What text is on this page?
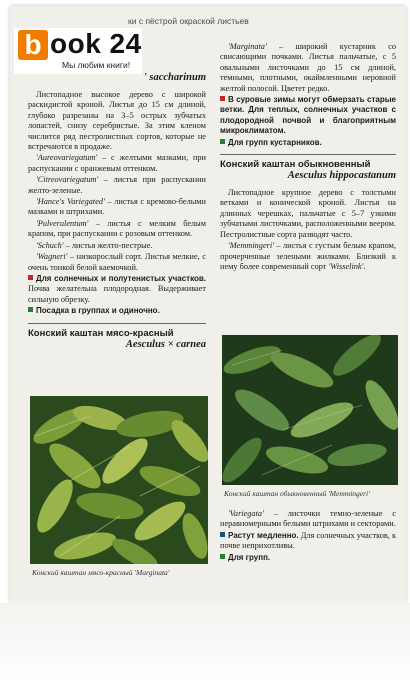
ки с пёстрой окраской листьев
' saccharinum

Листопадное высокое дерево с широкой раскидистой кроной. Листья до 15 см длиной, глубоко разрезаны на 3–5 острых зубчатых лопастей, снизу серебристые. За этим кленом числится ряд пестролистных сортов, которые не встречаются в продаже.

'Aureovariegatum' – с желтыми мазками, при распускании с оранжевым оттенком.

'Citreovariegatum' – листья при распускании желто-зеленые.

'Hance's Variegated' – листья с кремово-белыми мазками и штрихами.

'Pulverulentum' – листья с мелким белым крапом, при распускании с розовым оттенком.

'Schuch' – листья желто-пестрые.

'Wagneri' – низкорослый сорт. Листья мелкие, с очень тонкой белой каемочкой.

Для солнечных и полутенистых участков. Почва желательна плодородная. Выдерживает сильную обрезку.

Посадка в группах и одиночно.

Конский каштан мясо-красный
Aesculus × carnea
Конский каштан мясо-красный 'Marginata'

'Marginata' – широкий кустарник со свисающими почками. Листья пальчатые, с 5 овальными листочками до 15 см длиной, темными, плотными, окаймленными неровной желтой полосой. Цветет редко.

В суровые зимы могут обмерзать старые ветки. Для теплых, солнечных участков с плодородной почвой и благоприятным микроклиматом.

Для групп кустарников.

Конский каштан обыкновенный
Aesculus hippocastanum

Листопадное крупное дерево с толстыми ветками и конической кроной. Листья на длинных черешках, пальчатые с 5–7 узкими зубчатыми листочками, расположенными веером. Пестролистные сорта разводят часто.

'Memmingeri' – листья с густым белым крапом, прочерченные зелеными жилками. Близкий к нему более современный сорт 'Wisselink'.

Конский каштан обыкновенный 'Memmingeri'

'Variegata' – листочки темно-зеленые с неравномерными белыми штрихами и секторами.

Растут медленно. Для солнечных участков, к почве неприхотливы.

Для групп.

b ook 24
Мы любим книги!
